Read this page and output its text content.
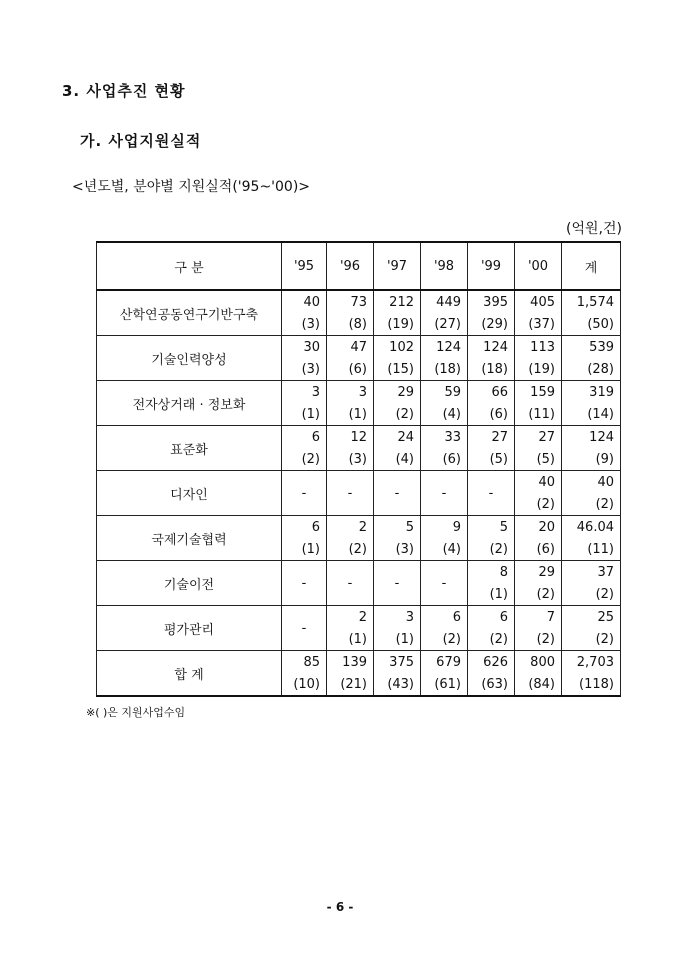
3. 사업추진 현황
가. 사업지원실적
<년도별, 분야별 지원실적('95~'00)>
(억원,건)
구 분	'95	'96	'97	'98	'99	'00	계
산학연공동연구기반구축	40	73	212	449	395	405	1,574
	(3)	(8)	(19)	(27)	(29)	(37)	(50)
기술인력양성	30	47	102	124	124	113	539
	(3)	(6)	(15)	(18)	(18)	(19)	(28)
전자상거래 · 정보화	3	3	29	59	66	159	319
	(1)	(1)	(2)	(4)	(6)	(11)	(14)
표준화	6	12	24	33	27	27	124
	(2)	(3)	(4)	(6)	(5)	(5)	(9)
디자인	-	-	-	-	-	40	40
						(2)	(2)
국제기술협력	6	2	5	9	5	20	46.04
	(1)	(2)	(3)	(4)	(2)	(6)	(11)
기술이전	-	-	-	-	8	29	37
					(1)	(2)	(2)
평가관리	-	2	3	6	6	7	25
		(1)	(1)	(2)	(2)	(2)	(2)
합 계	85	139	375	679	626	800	2,703
	(10)	(21)	(43)	(61)	(63)	(84)	(118)
※( )은 지원사업수임
- 6 -
